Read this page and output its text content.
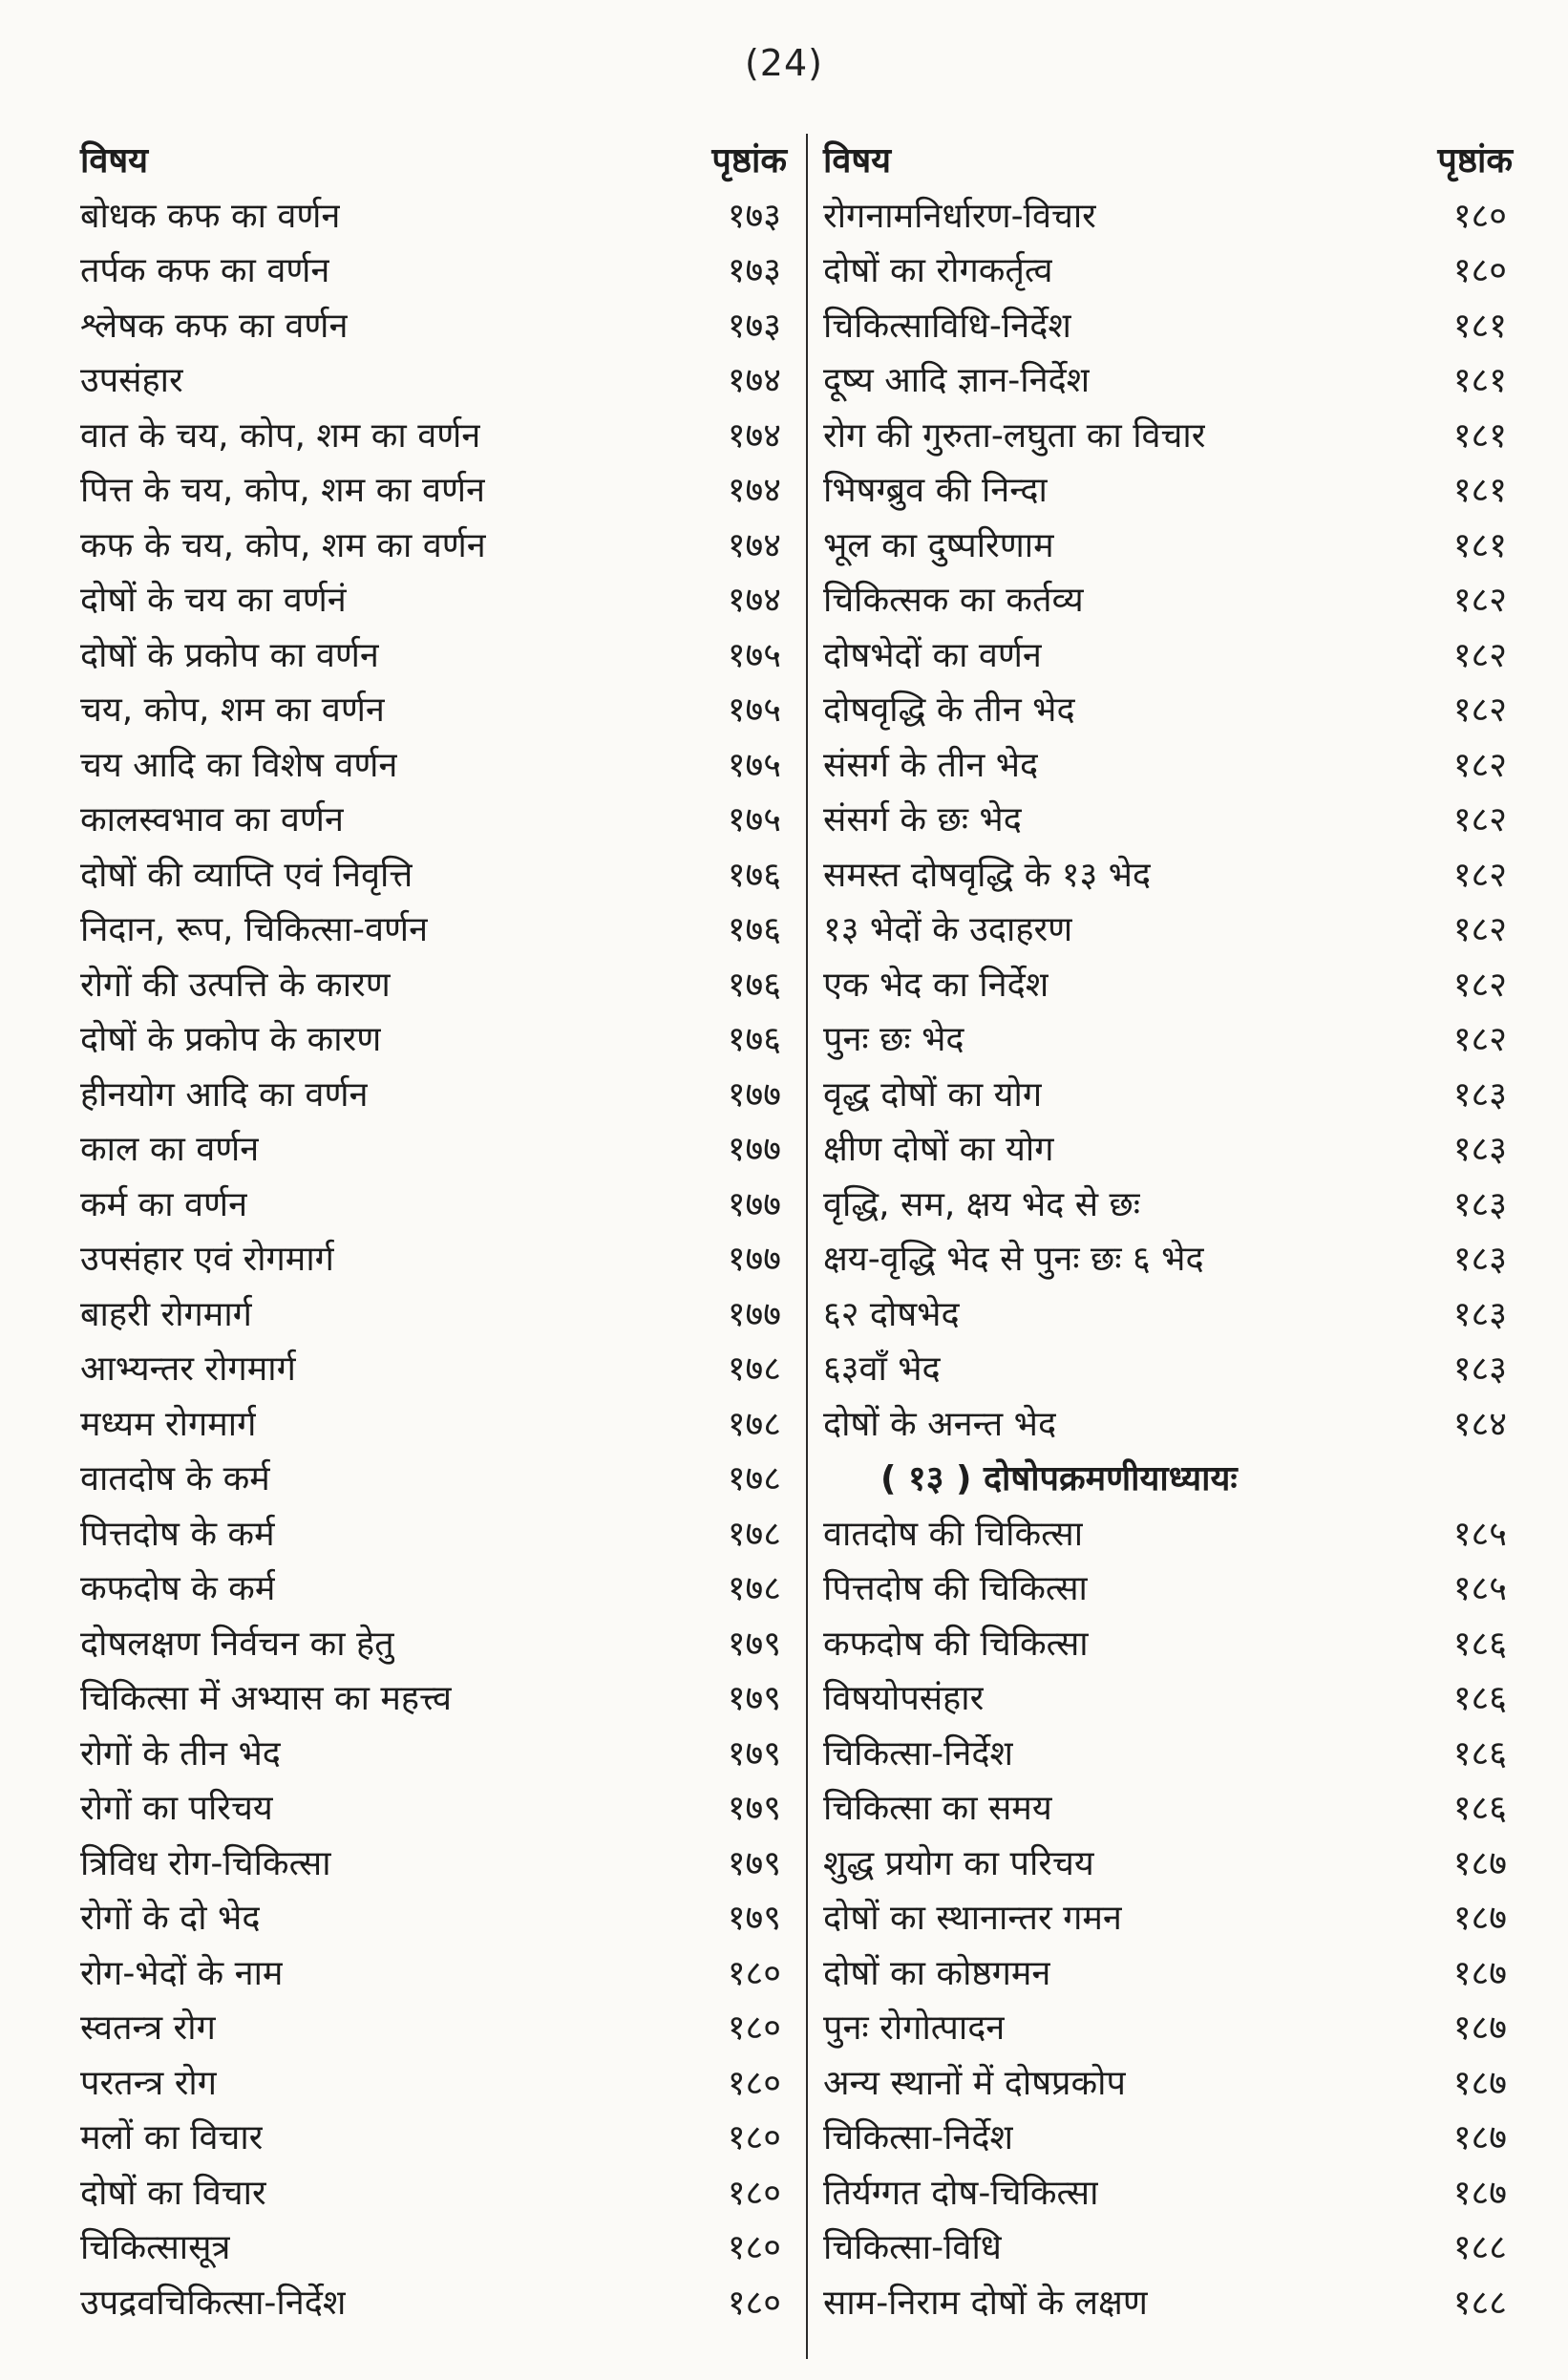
(24)
विषय	पृष्ठांक
बोधक कफ का वर्णन	१७३
तर्पक कफ का वर्णन	१७३
श्लेषक कफ का वर्णन	१७३
उपसंहार	१७४
वात के चय, कोप, शम का वर्णन	१७४
पित्त के चय, कोप, शम का वर्णन	१७४
कफ के चय, कोप, शम का वर्णन	१७४
दोषों के चय का वर्णनं	१७४
दोषों के प्रकोप का वर्णन	१७५
चय, कोप, शम का वर्णन	१७५
चय आदि का विशेष वर्णन	१७५
कालस्वभाव का वर्णन	१७५
दोषों की व्याप्ति एवं निवृत्ति	१७६
निदान, रूप, चिकित्सा-वर्णन	१७६
रोगों की उत्पत्ति के कारण	१७६
दोषों के प्रकोप के कारण	१७६
हीनयोग आदि का वर्णन	१७७
काल का वर्णन	१७७
कर्म का वर्णन	१७७
उपसंहार एवं रोगमार्ग	१७७
बाहरी रोगमार्ग	१७७
आभ्यन्तर रोगमार्ग	१७८
मध्यम रोगमार्ग	१७८
वातदोष के कर्म	१७८
पित्तदोष के कर्म	१७८
कफदोष के कर्म	१७८
दोषलक्षण निर्वचन का हेतु	१७९
चिकित्सा में अभ्यास का महत्त्व	१७९
रोगों के तीन भेद	१७९
रोगों का परिचय	१७९
त्रिविध रोग-चिकित्सा	१७९
रोगों के दो भेद	१७९
रोग-भेदों के नाम	१८०
स्वतन्त्र रोग	१८०
परतन्त्र रोग	१८०
मलों का विचार	१८०
दोषों का विचार	१८०
चिकित्सासूत्र	१८०
उपद्रवचिकित्सा-निर्देश	१८०
विषय	पृष्ठांक
रोगनामनिर्धारण-विचार	१८०
दोषों का रोगकर्तृत्व	१८०
चिकित्साविधि-निर्देश	१८१
दूष्य आदि ज्ञान-निर्देश	१८१
रोग की गुरुता-लघुता का विचार	१८१
भिषग्ब्रुव की निन्दा	१८१
भूल का दुष्परिणाम	१८१
चिकित्सक का कर्तव्य	१८२
दोषभेदों का वर्णन	१८२
दोषवृद्धि के तीन भेद	१८२
संसर्ग के तीन भेद	१८२
संसर्ग के छः भेद	१८२
समस्त दोषवृद्धि के १३ भेद	१८२
१३ भेदों के उदाहरण	१८२
एक भेद का निर्देश	१८२
पुनः छः भेद	१८२
वृद्ध दोषों का योग	१८३
क्षीण दोषों का योग	१८३
वृद्धि, सम, क्षय भेद से छः	१८३
क्षय-वृद्धि भेद से पुनः छः ६ भेद	१८३
६२ दोषभेद	१८३
६३वाँ भेद	१८३
दोषों के अनन्त भेद	१८४
( १३ ) दोषोपक्रमणीयाध्यायः
वातदोष की चिकित्सा	१८५
पित्तदोष की चिकित्सा	१८५
कफदोष की चिकित्सा	१८६
विषयोपसंहार	१८६
चिकित्सा-निर्देश	१८६
चिकित्सा का समय	१८६
शुद्ध प्रयोग का परिचय	१८७
दोषों का स्थानान्तर गमन	१८७
दोषों का कोष्ठगमन	१८७
पुनः रोगोत्पादन	१८७
अन्य स्थानों में दोषप्रकोप	१८७
चिकित्सा-निर्देश	१८७
तिर्यग्गत दोष-चिकित्सा	१८७
चिकित्सा-विधि	१८८
साम-निराम दोषों के लक्षण	१८८
